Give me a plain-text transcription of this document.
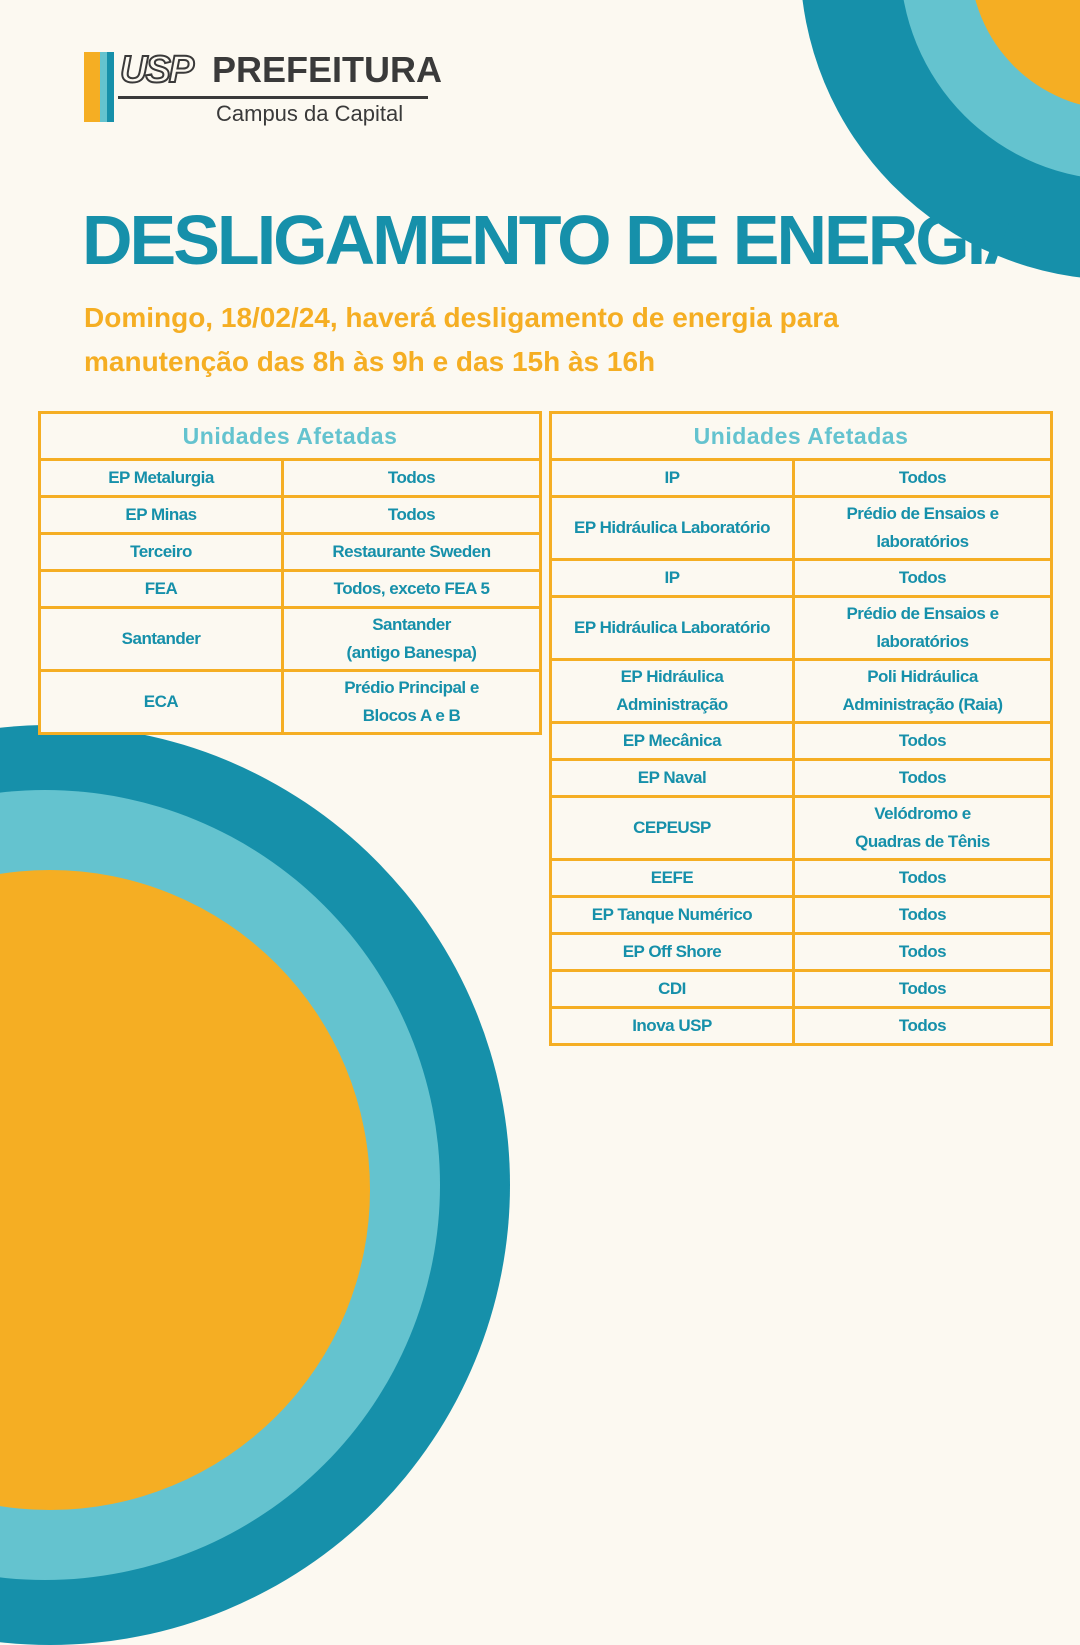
USP PREFEITURA
Campus da Capital
DESLIGAMENTO DE ENERGIA

Domingo, 18/02/24, haverá desligamento de energia para manutenção das 8h às 9h e das 15h às 16h

Unidades Afetadas	
EP Metalurgia	Todos
EP Minas	Todos
Terceiro	Restaurante Sweden
FEA	Todos, exceto FEA 5
Santander	Santander
(antigo Banespa)
ECA	Prédio Principal e
Blocos A e B
Unidades Afetadas	
IP	Todos
EP Hidráulica Laboratório	Prédio de Ensaios e
laboratórios
IP	Todos
EP Hidráulica Laboratório	Prédio de Ensaios e
laboratórios
EP Hidráulica
Administração	Poli Hidráulica
Administração (Raia)
EP Mecânica	Todos
EP Naval	Todos
CEPEUSP	Velódromo e
Quadras de Tênis
EEFE	Todos
EP Tanque Numérico	Todos
EP Off Shore	Todos
CDI	Todos
Inova USP	Todos
